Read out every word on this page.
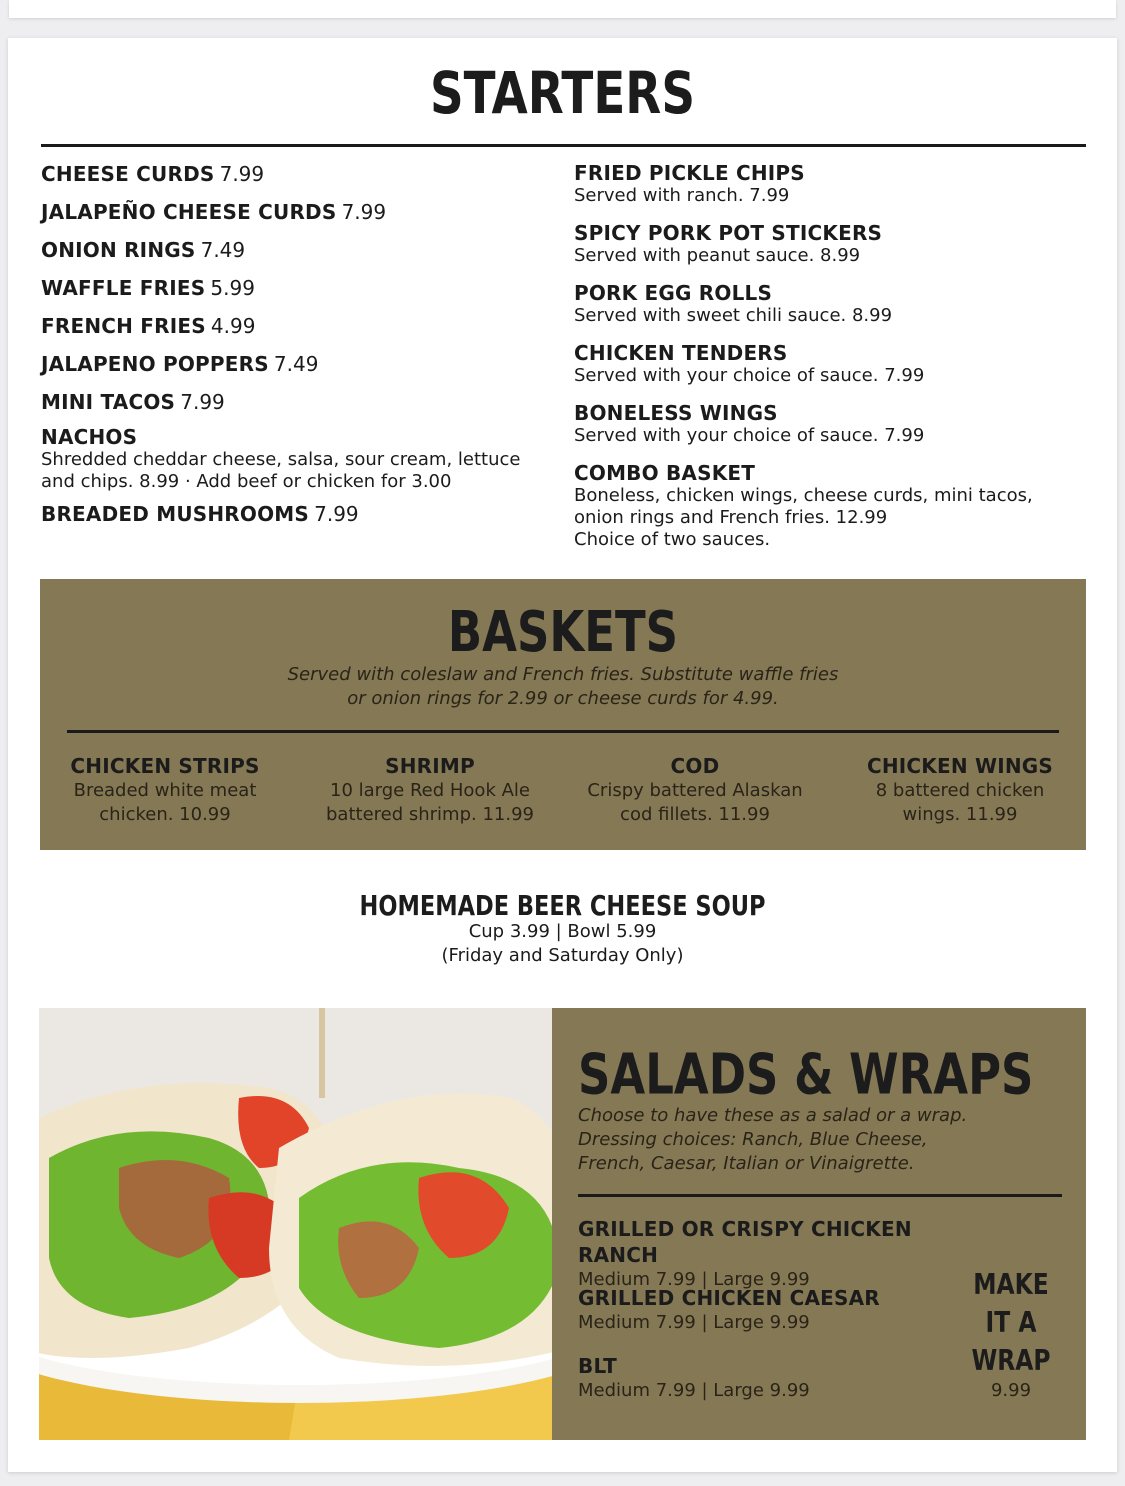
STARTERS
CHEESE CURDS 7.99
JALAPEÑO CHEESE CURDS 7.99
ONION RINGS 7.49
WAFFLE FRIES 5.99
FRENCH FRIES 4.99
JALAPENO POPPERS 7.49
MINI TACOS 7.99
NACHOS
Shredded cheddar cheese, salsa, sour cream, lettuce
and chips. 8.99 · Add beef or chicken for 3.00
BREADED MUSHROOMS 7.99
FRIED PICKLE CHIPS
Served with ranch. 7.99
SPICY PORK POT STICKERS
Served with peanut sauce. 8.99
PORK EGG ROLLS
Served with sweet chili sauce. 8.99
CHICKEN TENDERS
Served with your choice of sauce. 7.99
BONELESS WINGS
Served with your choice of sauce. 7.99
COMBO BASKET
Boneless, chicken wings, cheese curds, mini tacos,
onion rings and French fries. 12.99
Choice of two sauces.
BASKETS
Served with coleslaw and French fries. Substitute waffle fries
or onion rings for 2.99 or cheese curds for 4.99.
CHICKEN STRIPS
Breaded white meat
chicken. 10.99
SHRIMP
10 large Red Hook Ale
battered shrimp. 11.99
COD
Crispy battered Alaskan
cod fillets. 11.99
CHICKEN WINGS
8 battered chicken
wings. 11.99
HOMEMADE BEER CHEESE SOUP
Cup 3.99 | Bowl 5.99
(Friday and Saturday Only)
SALADS & WRAPS
Choose to have these as a salad or a wrap.
Dressing choices: Ranch, Blue Cheese,
French, Caesar, Italian or Vinaigrette.
GRILLED OR CRISPY CHICKEN RANCH
Medium 7.99 | Large 9.99
GRILLED CHICKEN CAESAR
Medium 7.99 | Large 9.99
BLT
Medium 7.99 | Large 9.99
MAKE
IT A
WRAP
9.99
